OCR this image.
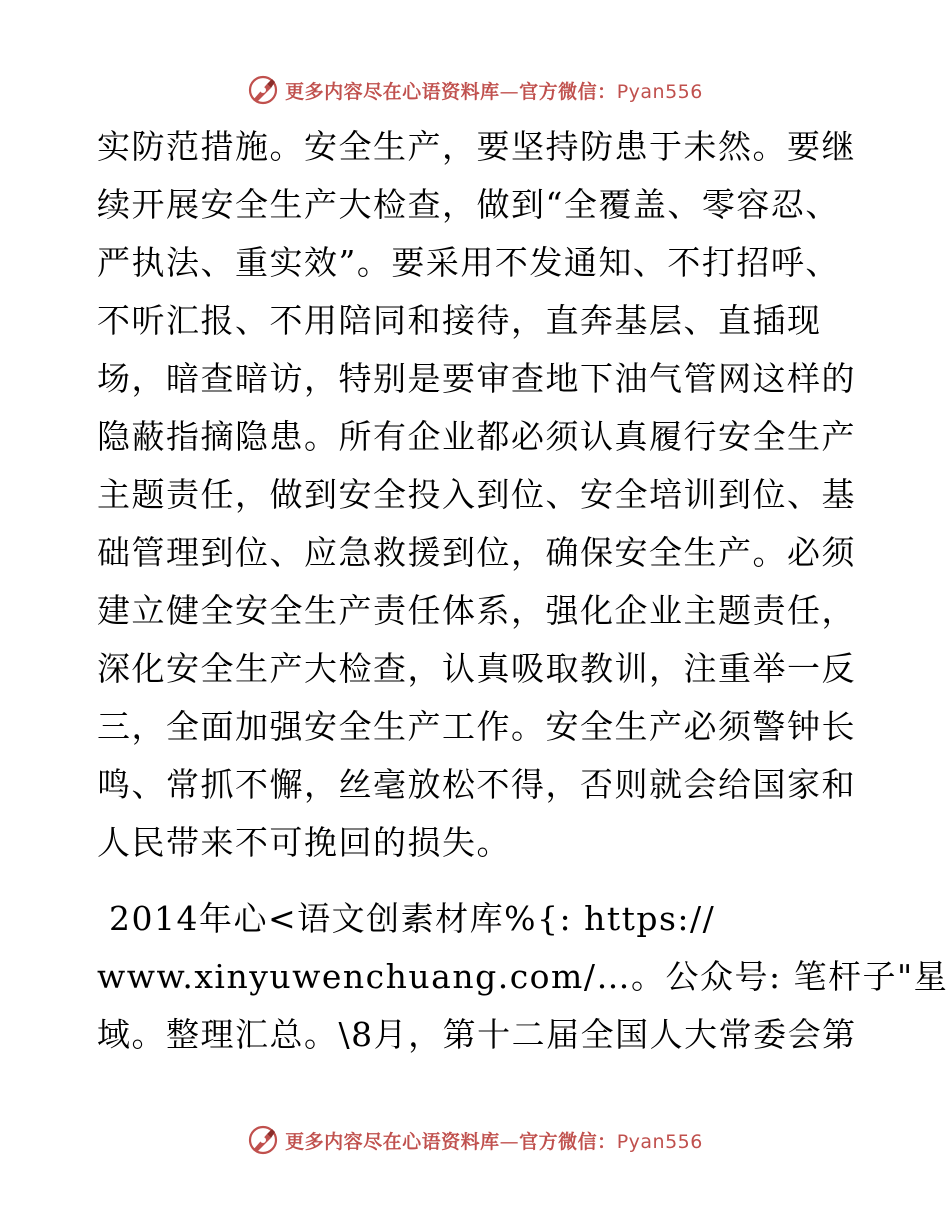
更多内容尽在心语资料库—官方微信：Pyan556
实防范措施。安全生产，要坚持防患于未然。要继
续开展安全生产大检查，做到“全覆盖、零容忍、
严执法、重实效”。要采用不发通知、不打招呼、
不听汇报、不用陪同和接待，直奔基层、直插现
场，暗查暗访，特别是要审查地下油气管网这样的
隐蔽指摘隐患。所有企业都必须认真履行安全生产
主题责任，做到安全投入到位、安全培训到位、基
础管理到位、应急救援到位，确保安全生产。必须
建立健全安全生产责任体系，强化企业主题责任，
深化安全生产大检查，认真吸取教训，注重举一反
三，全面加强安全生产工作。安全生产必须警钟长
鸣、常抓不懈，丝毫放松不得，否则就会给国家和
人民带来不可挽回的损失。
2014年心<语文创素材库%{: https://
www.xinyuwenchuang.com/…。公众号: 笔杆子"星
域。整理汇总。\8月，第十二届全国人大常委会第
更多内容尽在心语资料库—官方微信：Pyan556
